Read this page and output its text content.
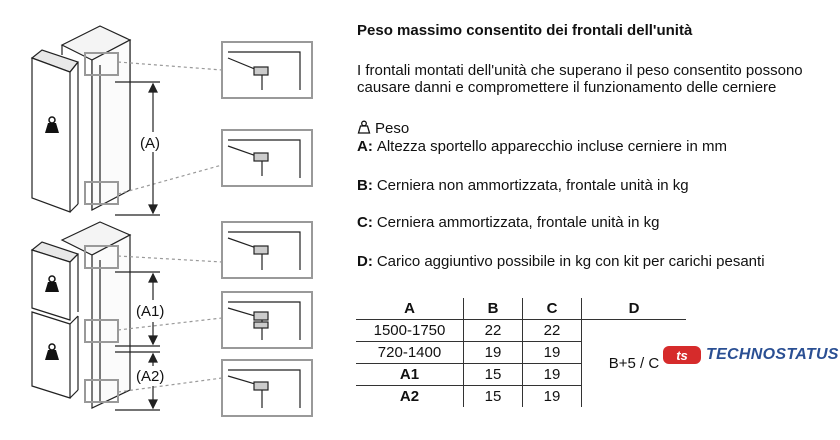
(A)
(A1)
(A2)
Peso massimo consentito dei frontali dell'unità
I frontali montati dell'unità che superano il peso consentito possono causare danni e compromettere il funzionamento delle cerniere
Peso
A: Altezza sportello apparecchio incluse cerniere in mm
B: Cerniera non ammortizzata, frontale unità in kg
C: Cerniera ammortizzata, frontale unità in kg
D: Carico aggiuntivo possibile in kg con kit per carichi pesanti
A	B	C	D
1500-1750	22	22	B+5 / C
720-1400	19	19	
A1	15	19	
A2	15	19	
ts TECHNOSTATUS
